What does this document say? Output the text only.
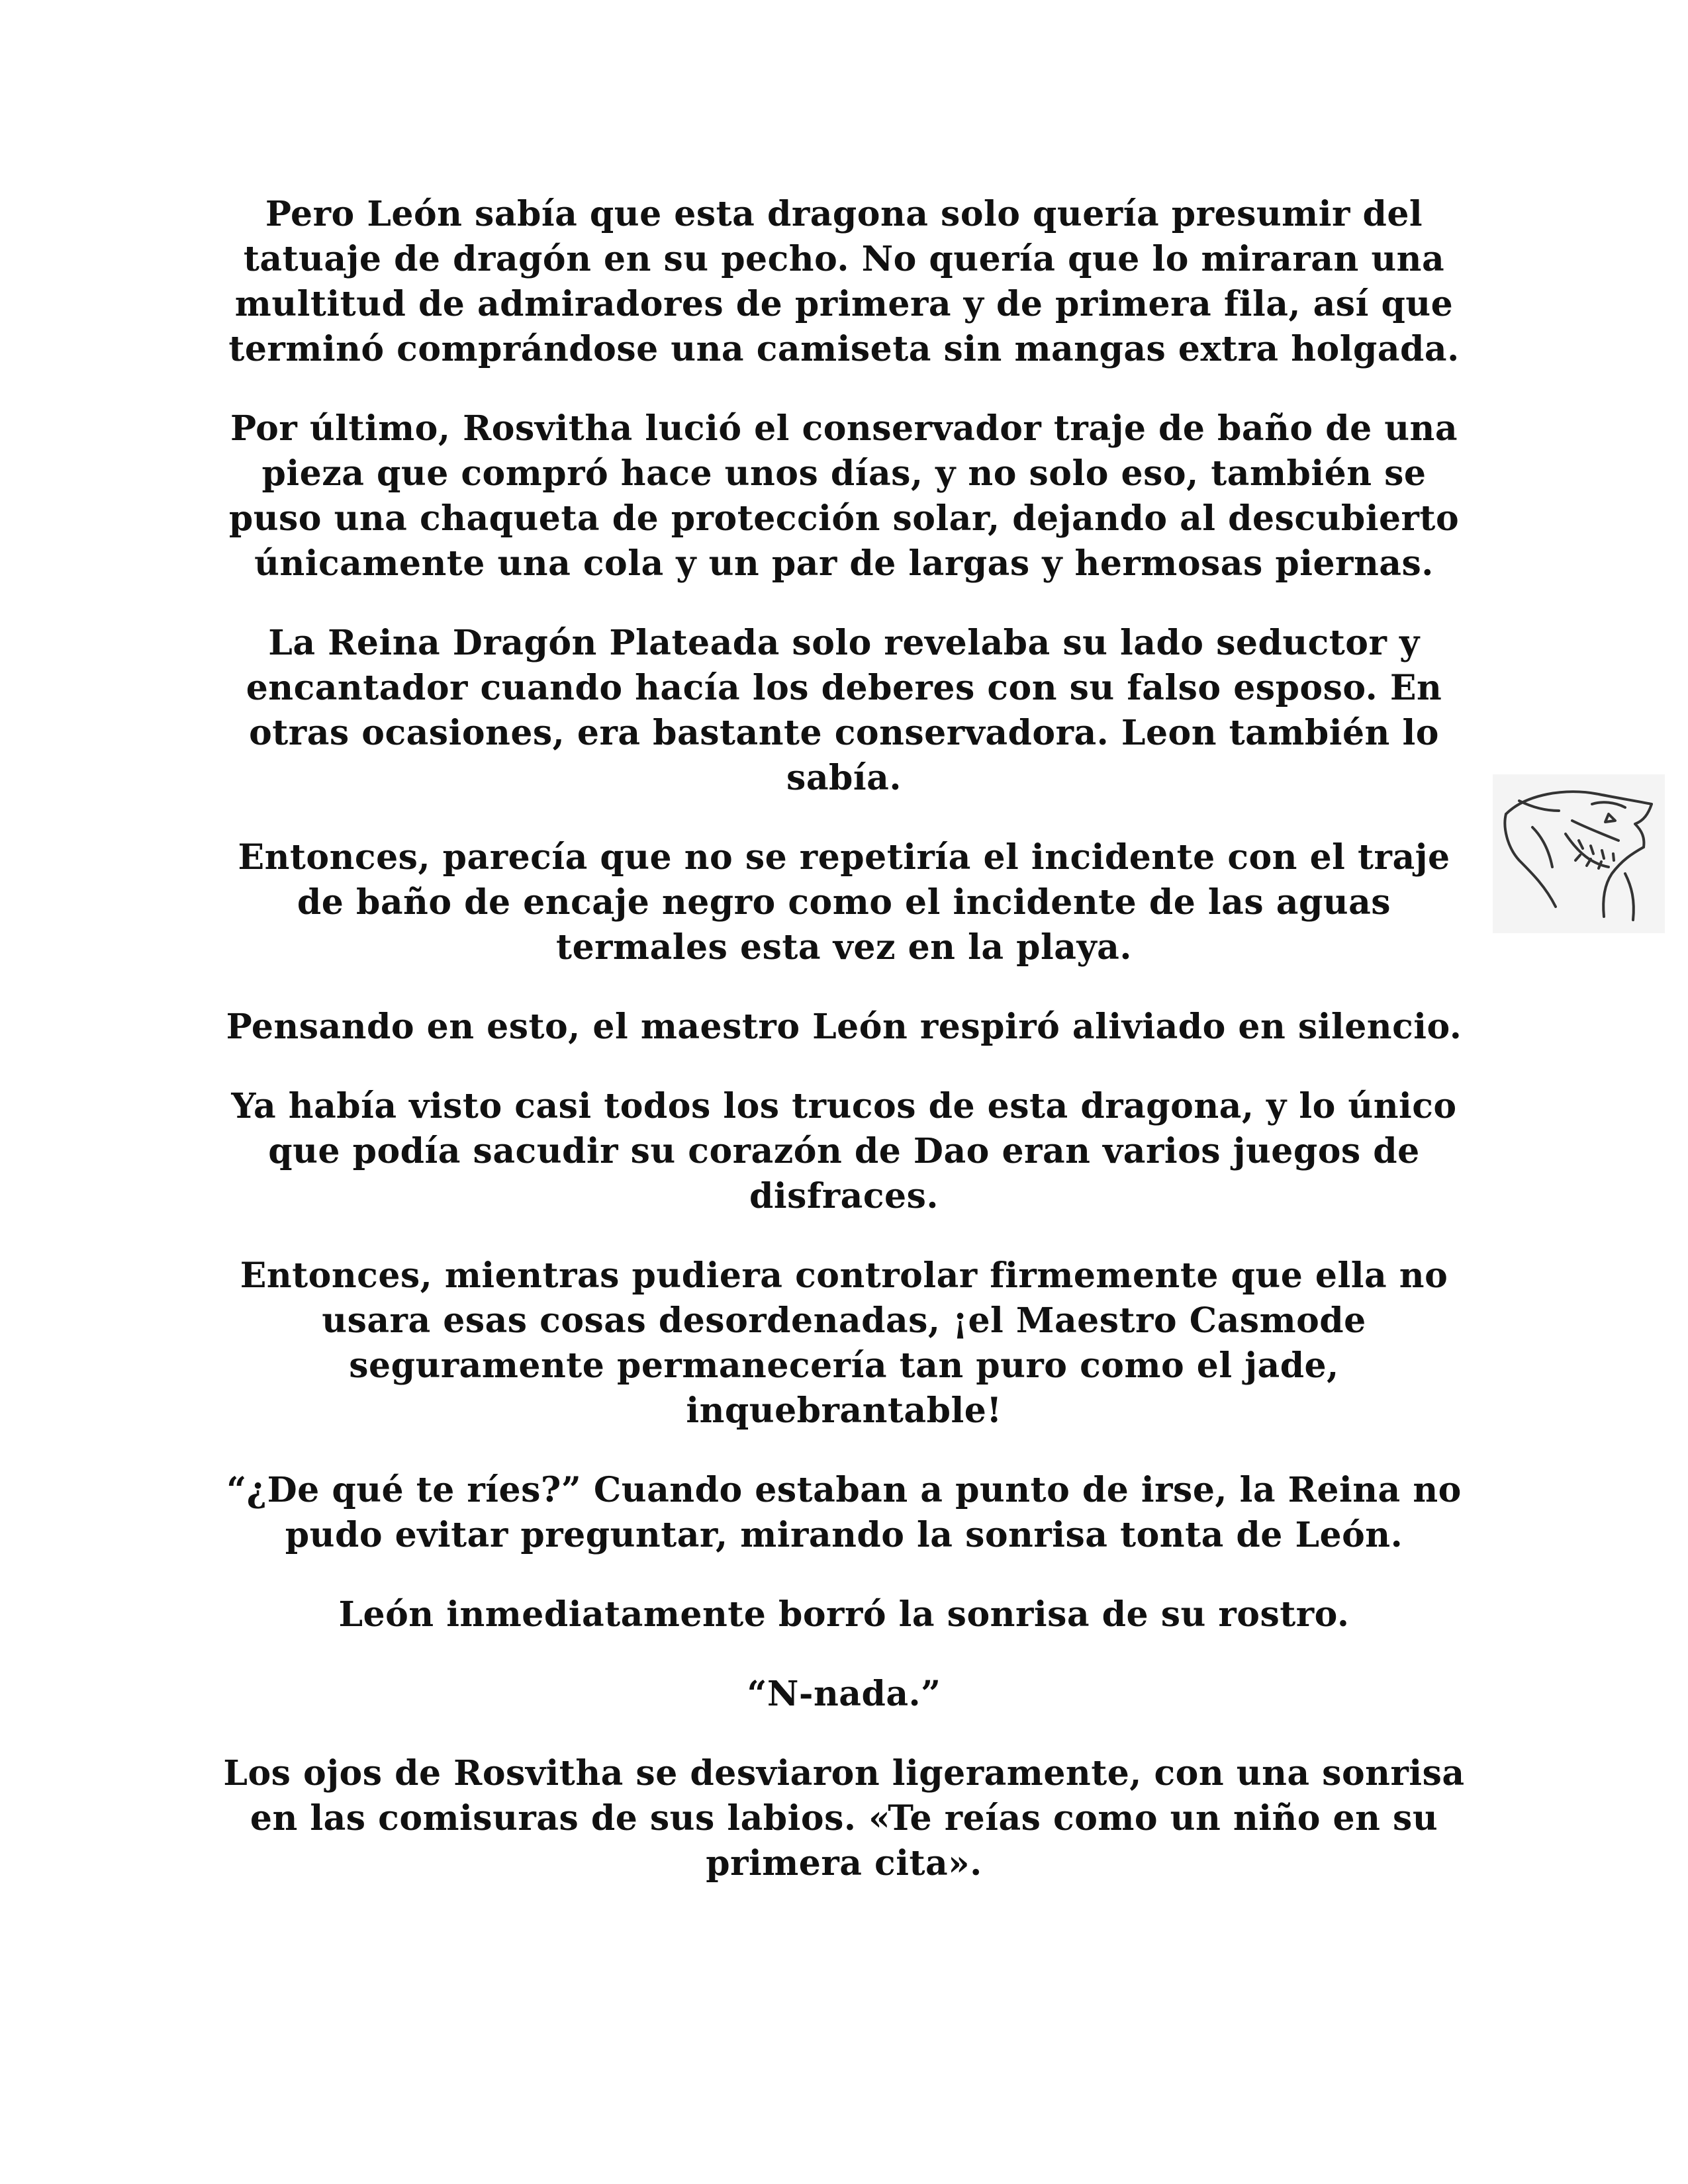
Pero León sabía que esta dragona solo quería presumir del tatuaje de dragón en su pecho. No quería que lo miraran una multitud de admiradores de primera y de primera fila, así que terminó comprándose una camiseta sin mangas extra holgada.

Por último, Rosvitha lució el conservador traje de baño de una pieza que compró hace unos días, y no solo eso, también se puso una chaqueta de protección solar, dejando al descubierto únicamente una cola y un par de largas y hermosas piernas.

La Reina Dragón Plateada solo revelaba su lado seductor y encantador cuando hacía los deberes con su falso esposo. En otras ocasiones, era bastante conservadora. Leon también lo sabía.

Entonces, parecía que no se repetiría el incidente con el traje de baño de encaje negro como el incidente de las aguas termales esta vez en la playa.

Pensando en esto, el maestro León respiró aliviado en silencio.

Ya había visto casi todos los trucos de esta dragona, y lo único que podía sacudir su corazón de Dao eran varios juegos de disfraces.

Entonces, mientras pudiera controlar firmemente que ella no usara esas cosas desordenadas, ¡el Maestro Casmode seguramente permanecería tan puro como el jade, inquebrantable!

“¿De qué te ríes?” Cuando estaban a punto de irse, la Reina no pudo evitar preguntar, mirando la sonrisa tonta de León.

León inmediatamente borró la sonrisa de su rostro.

“N-nada.”

Los ojos de Rosvitha se desviaron ligeramente, con una sonrisa en las comisuras de sus labios. «Te reías como un niño en su primera cita».
